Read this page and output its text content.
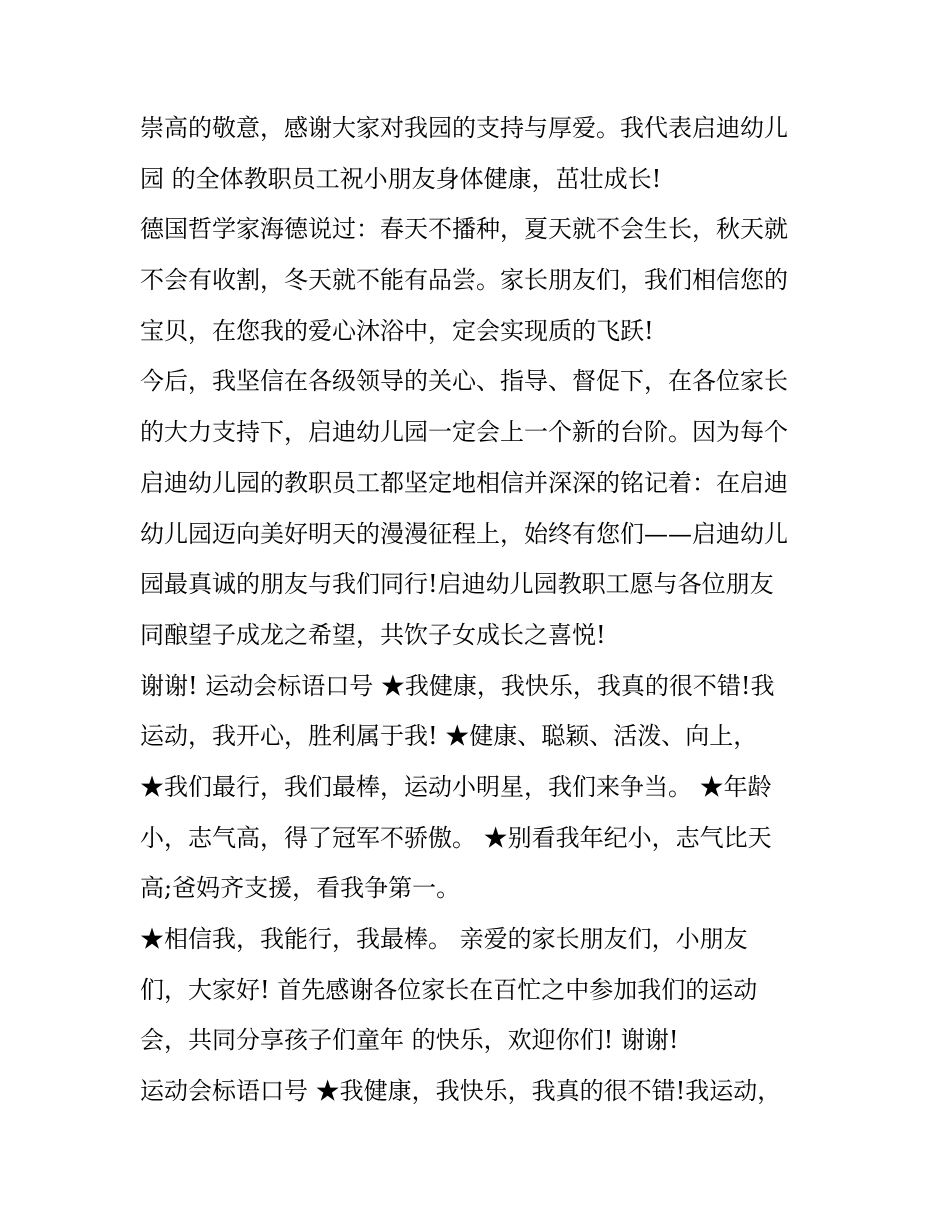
崇高的敬意，感谢大家对我园的支持与厚爱。我代表启迪幼儿
园 的全体教职员工祝小朋友身体健康，茁壮成长!
德国哲学家海德说过：春天不播种，夏天就不会生长，秋天就
不会有收割，冬天就不能有品尝。家长朋友们，我们相信您的
宝贝，在您我的爱心沐浴中，定会实现质的飞跃!
今后，我坚信在各级领导的关心、指导、督促下，在各位家长
的大力支持下，启迪幼儿园一定会上一个新的台阶。因为每个
启迪幼儿园的教职员工都坚定地相信并深深的铭记着：在启迪
幼儿园迈向美好明天的漫漫征程上，始终有您们——启迪幼儿
园最真诚的朋友与我们同行!启迪幼儿园教职工愿与各位朋友
同酿望子成龙之希望，共饮子女成长之喜悦!
谢谢! 运动会标语口号 ★我健康，我快乐，我真的很不错!我
运动，我开心，胜利属于我! ★健康、聪颖、活泼、向上，
★我们最行，我们最棒，运动小明星，我们来争当。 ★年龄
小，志气高，得了冠军不骄傲。 ★别看我年纪小，志气比天
高;爸妈齐支援，看我争第一。
★相信我，我能行，我最棒。 亲爱的家长朋友们，小朋友
们，大家好! 首先感谢各位家长在百忙之中参加我们的运动
会，共同分享孩子们童年 的快乐，欢迎你们! 谢谢!
运动会标语口号 ★我健康，我快乐，我真的很不错!我运动，
